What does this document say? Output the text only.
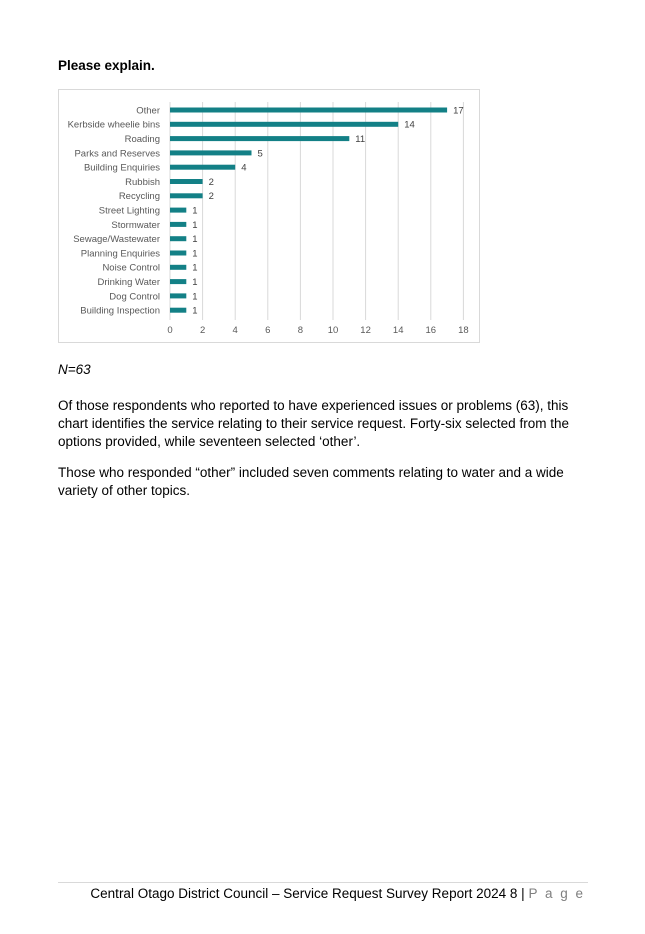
Please explain.
0	2	4	6	8	10 12 14 16 18
Other	17
Kerbside wheelie bins	14
Roading	11
Parks and Reserves	5
Building Enquiries	4
Rubbish	2
Recycling	2
Street Lighting	1
Stormwater	1
Sewage/Wastewater	1
Planning Enquiries	1
Noise Control	1
Drinking Water	1
Dog Control	1
Building Inspection	1
N=63

Of those respondents who reported to have experienced issues or problems (63), this chart identifies the service relating to their service request. Forty-six selected from the options provided, while seventeen selected ‘other’.

Those who responded “other” included seven comments relating to water and a wide variety of other topics.

Central Otago District Council – Service Request Survey Report 2024 8 | P a g e
